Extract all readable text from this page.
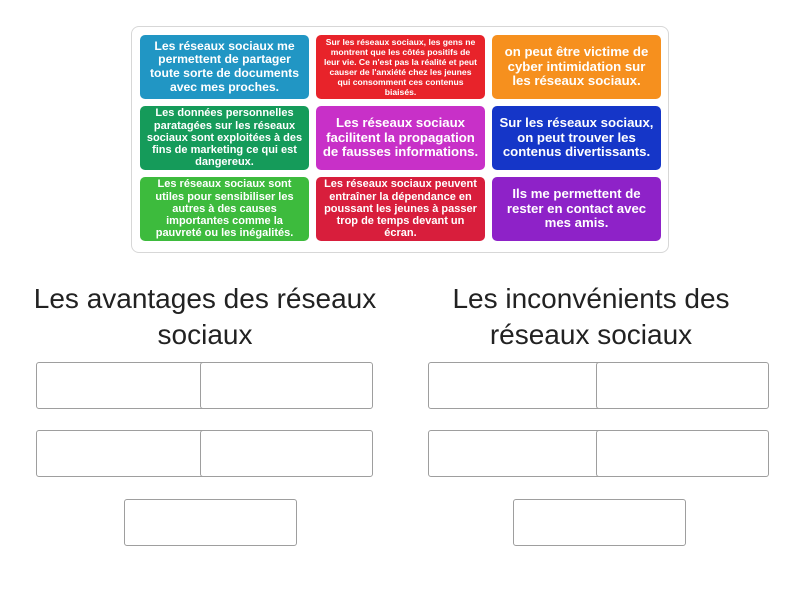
Les réseaux sociaux me permettent de partager toute sorte de documents avec mes proches.
Sur les réseaux sociaux, les gens ne montrent que les côtés positifs de leur vie. Ce n'est pas la réalité et peut causer de l'anxiété chez les jeunes qui consomment ces contenus biaisés.
on peut être victime de cyber intimidation sur les réseaux sociaux.
Les données personnelles paratagées sur les réseaux sociaux sont exploitées à des fins de marketing ce qui est dangereux.
Les réseaux sociaux facilitent la propagation de fausses informations.
Sur les réseaux sociaux, on peut trouver les contenus divertissants.
Les réseaux sociaux sont utiles pour sensibiliser les autres à des causes importantes comme la pauvreté ou les inégalités.
Les réseaux sociaux peuvent entraîner la dépendance en poussant les jeunes à passer trop de temps devant un écran.
Ils me permettent de rester en contact avec mes amis.
Les avantages des réseaux sociaux
Les inconvénients des réseaux sociaux
